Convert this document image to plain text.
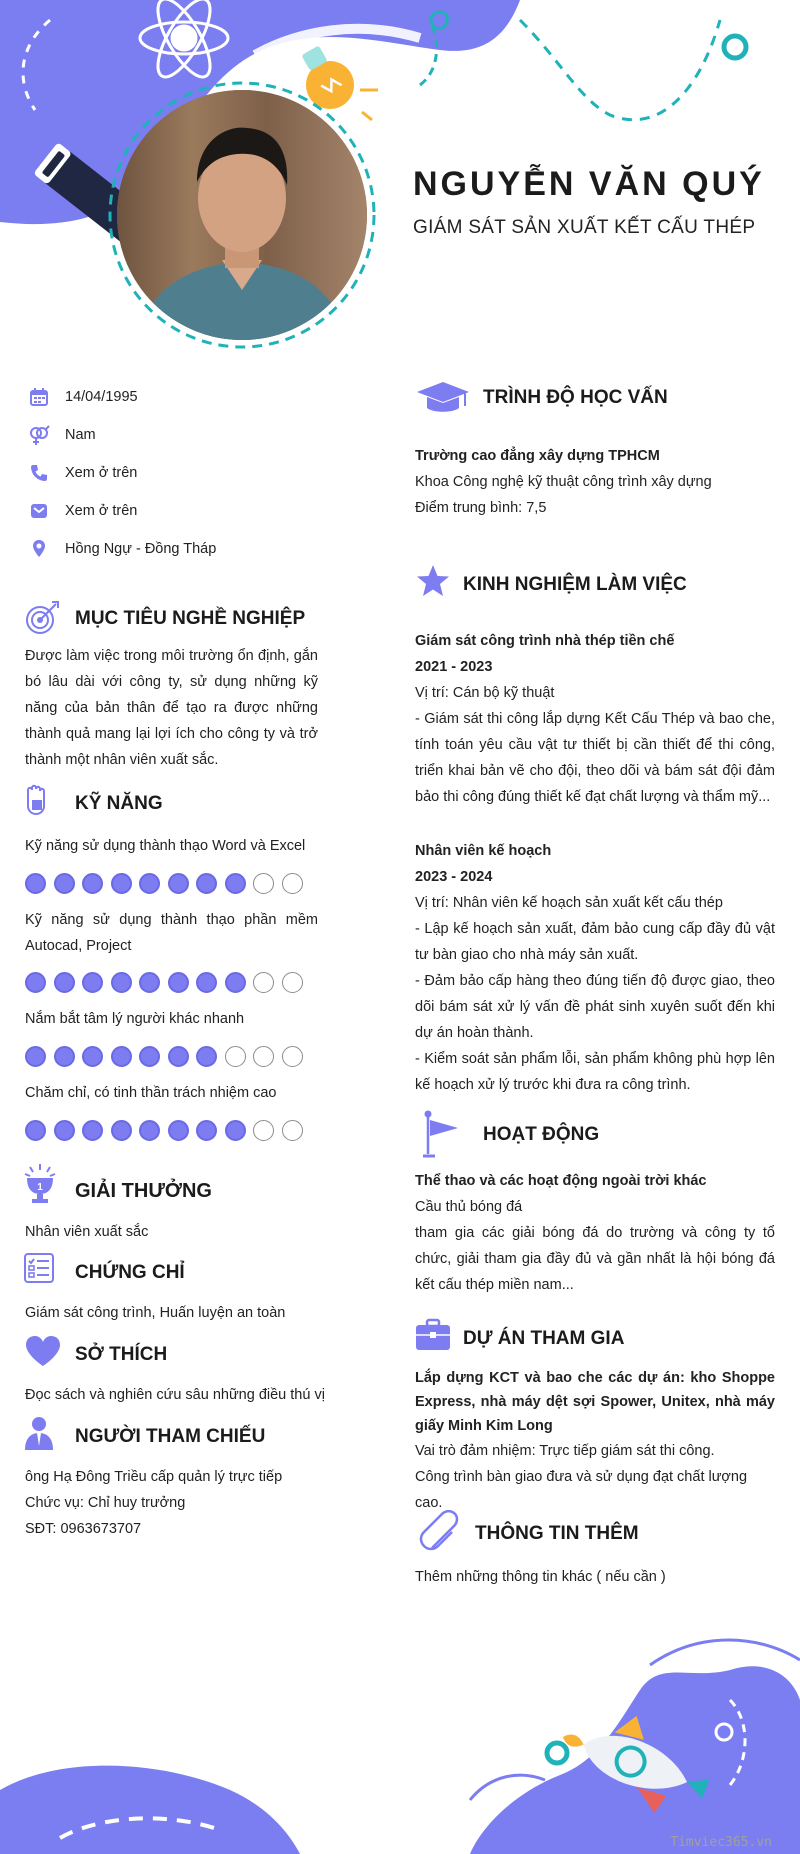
NGUYỄN VĂN QUÝ
GIÁM SÁT SẢN XUẤT KẾT CẤU THÉP
14/04/1995
Nam
Xem ở trên
Xem ở trên
Hồng Ngự - Đồng Tháp
MỤC TIÊU NGHỀ NGHIỆP
Được làm việc trong môi trường ổn định, gắn bó lâu dài với công ty, sử dụng những kỹ năng của bản thân để tạo ra được những thành quả mang lại lợi ích cho công ty và trở thành một nhân viên xuất sắc.
KỸ NĂNG
Kỹ năng sử dụng thành thạo Word và Excel
Kỹ năng sử dụng thành thạo phần mềm Autocad, Project
Nắm bắt tâm lý người khác nhanh
Chăm chỉ, có tinh thần trách nhiệm cao
1 GIẢI THƯỞNG
Nhân viên xuất sắc
CHỨNG CHỈ
Giám sát công trình, Huấn luyện an toàn
SỞ THÍCH
Đọc sách và nghiên cứu sâu những điều thú vị
NGƯỜI THAM CHIẾU
ông Hạ Đông Triều cấp quản lý trực tiếp
Chức vụ: Chỉ huy trưởng
SĐT: 0963673707
TRÌNH ĐỘ HỌC VẤN
Trường cao đẳng xây dựng TPHCM
Khoa Công nghệ kỹ thuật công trình xây dựng
Điểm trung bình: 7,5
KINH NGHIỆM LÀM VIỆC
Giám sát công trình nhà thép tiền chế
2021 - 2023
Vị trí: Cán bộ kỹ thuật
- Giám sát thi công lắp dựng Kết Cấu Thép và bao che, tính toán yêu cầu vật tư thiết bị cần thiết để thi công, triển khai bản vẽ cho đội, theo dõi và bám sát đội đảm bảo thi công đúng thiết kế đạt chất lượng và thẩm mỹ...
Nhân viên kế hoạch
2023 - 2024
Vị trí: Nhân viên kế hoạch sản xuất kết cấu thép
- Lập kế hoạch sản xuất, đảm bảo cung cấp đầy đủ vật tư bàn giao cho nhà máy sản xuất.
- Đảm bảo cấp hàng theo đúng tiến độ được giao, theo dõi bám sát xử lý vấn đề phát sinh xuyên suốt đến khi dự án hoàn thành.
- Kiểm soát sản phẩm lỗi, sản phẩm không phù hợp lên kế hoạch xử lý trước khi đưa ra công trình.
HOẠT ĐỘNG
Thể thao và các hoạt động ngoài trời khác
Cầu thủ bóng đá
tham gia các giải bóng đá do trường và công ty tổ chức, giải tham gia đầy đủ và gần nhất là hội bóng đá kết cấu thép miền nam...
DỰ ÁN THAM GIA
Lắp dựng KCT và bao che các dự án: kho Shoppe Express, nhà máy dệt sợi Spower, Unitex, nhà máy giấy Minh Kim Long
Vai trò đảm nhiệm: Trực tiếp giám sát thi công.
Công trình bàn giao đưa và sử dụng đạt chất lượng cao.
THÔNG TIN THÊM
Thêm những thông tin khác ( nếu cần )
Timviec365.vn
